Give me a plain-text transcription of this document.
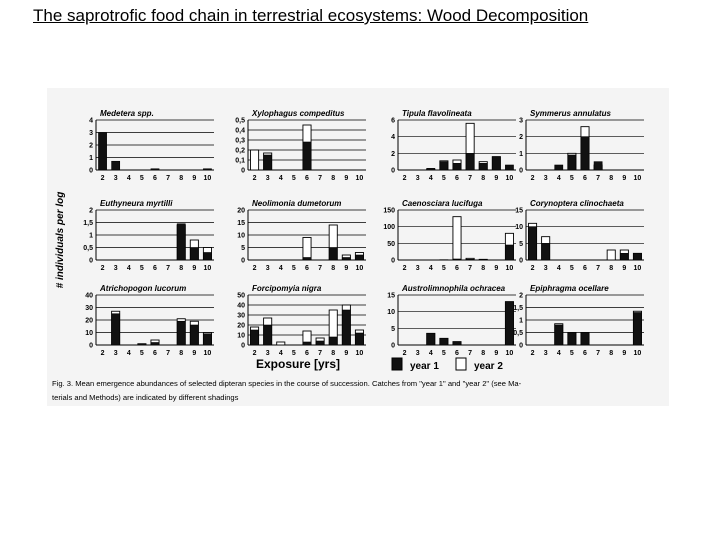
The saprotrofic food chain in terrestrial ecosystems: Wood Decomposition
# individuals per log
Medetera spp.
0
1
2
3
4
2 3 4 5 6 7 8 9 10
Xylophagus compeditus
0
0,1
0,2
0,3
0,4
0,5
2 3 4 5 6 7 8 9 10
Tipula flavolineata
0
2
4
6
2 3 4 5 6 7 8 9 10
Symmerus annulatus
0
1
2
3
2 3 4 5 6 7 8 9 10
Euthyneura myrtilli
0
0,5
1
1,5
2
2 3 4 5 6 7 8 9 10
Neolimonia dumetorum
0
5
10
15
20
2 3 4 5 6 7 8 9 10
Caenosciara lucifuga
0
50
100
150
2 3 4 5 6 7 8 9 10
Corynoptera clinochaeta
0
5
10
15
2 3 4 5 6 7 8 9 10
Atrichopogon lucorum
0
10
20
30
40
2 3 4 5 6 7 8 9 10
Forcipomyia nigra
0
10
20
30
40
50
2 3 4 5 6 7 8 9 10
Austrolimnophila ochracea
0
5
10
15
2 3 4 5 6 7 8 9 10
Epiphragma ocellare
0
0,5
1
1,5
2
2 3 4 5 6 7 8 9 10
Exposure [yrs]	year 1	year 2
Fig. 3. Mean emergence abundances of selected dipteran species in the course of succession. Catches from "year 1" and "year 2" (see Ma-
terials and Methods) are indicated by different shadings
